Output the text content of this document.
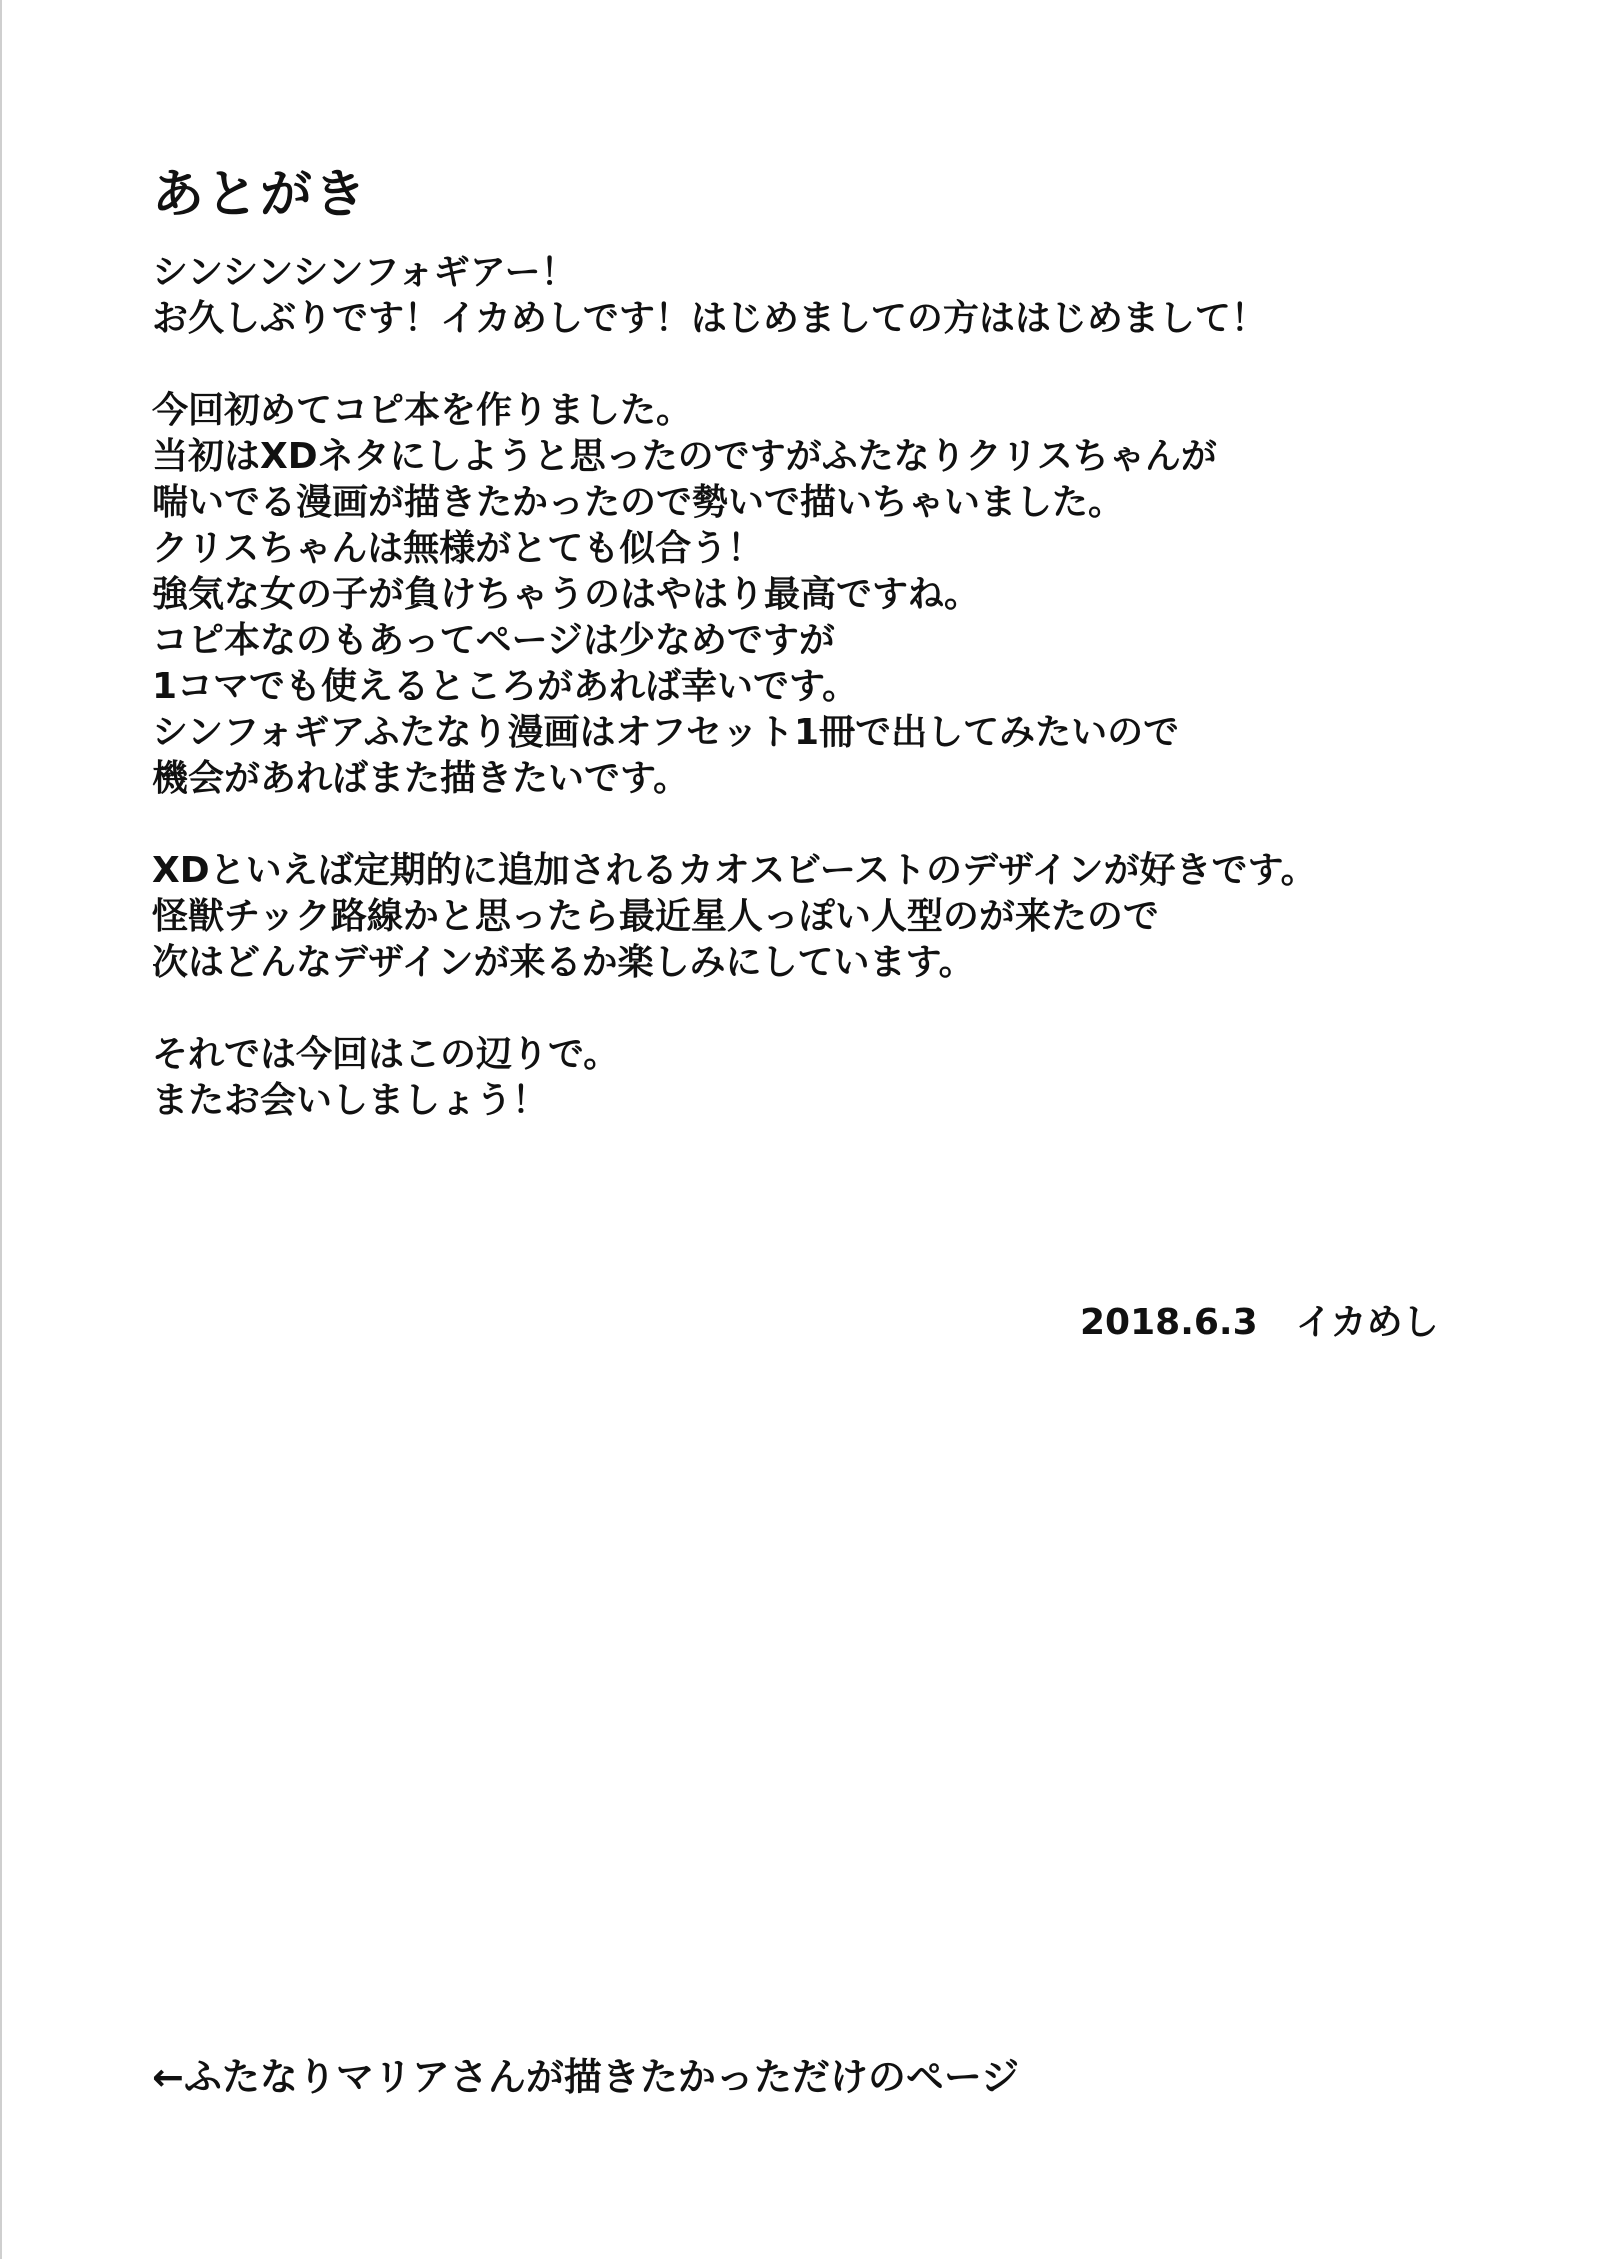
あとがき

シンシンシンフォギアー！
お久しぶりです！イカめしです！はじめましての方ははじめまして！

今回初めてコピ本を作りました。
当初はXDネタにしようと思ったのですがふたなりクリスちゃんが
喘いでる漫画が描きたかったので勢いで描いちゃいました。
クリスちゃんは無様がとても似合う！
強気な女の子が負けちゃうのはやはり最高ですね。
コピ本なのもあってページは少なめですが
1コマでも使えるところがあれば幸いです。
シンフォギアふたなり漫画はオフセット1冊で出してみたいので
機会があればまた描きたいです。

XDといえば定期的に追加されるカオスビーストのデザインが好きです。
怪獣チック路線かと思ったら最近星人っぽい人型のが来たので
次はどんなデザインが来るか楽しみにしています。

それでは今回はこの辺りで。
またお会いしましょう！

2018.6.3 イカめし
←ふたなりマリアさんが描きたかっただけのページ
